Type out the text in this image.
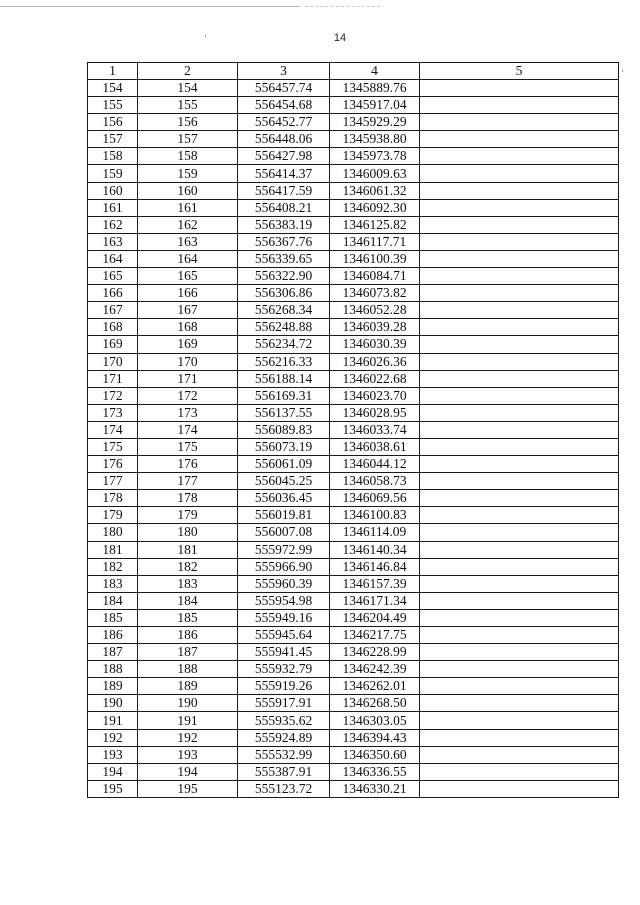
14
1	2	3	4	5
154	154	556457.74	1345889.76	
155	155	556454.68	1345917.04	
156	156	556452.77	1345929.29	
157	157	556448.06	1345938.80	
158	158	556427.98	1345973.78	
159	159	556414.37	1346009.63	
160	160	556417.59	1346061.32	
161	161	556408.21	1346092.30	
162	162	556383.19	1346125.82	
163	163	556367.76	1346117.71	
164	164	556339.65	1346100.39	
165	165	556322.90	1346084.71	
166	166	556306.86	1346073.82	
167	167	556268.34	1346052.28	
168	168	556248.88	1346039.28	
169	169	556234.72	1346030.39	
170	170	556216.33	1346026.36	
171	171	556188.14	1346022.68	
172	172	556169.31	1346023.70	
173	173	556137.55	1346028.95	
174	174	556089.83	1346033.74	
175	175	556073.19	1346038.61	
176	176	556061.09	1346044.12	
177	177	556045.25	1346058.73	
178	178	556036.45	1346069.56	
179	179	556019.81	1346100.83	
180	180	556007.08	1346114.09	
181	181	555972.99	1346140.34	
182	182	555966.90	1346146.84	
183	183	555960.39	1346157.39	
184	184	555954.98	1346171.34	
185	185	555949.16	1346204.49	
186	186	555945.64	1346217.75	
187	187	555941.45	1346228.99	
188	188	555932.79	1346242.39	
189	189	555919.26	1346262.01	
190	190	555917.91	1346268.50	
191	191	555935.62	1346303.05	
192	192	555924.89	1346394.43	
193	193	555532.99	1346350.60	
194	194	555387.91	1346336.55	
195	195	555123.72	1346330.21	
